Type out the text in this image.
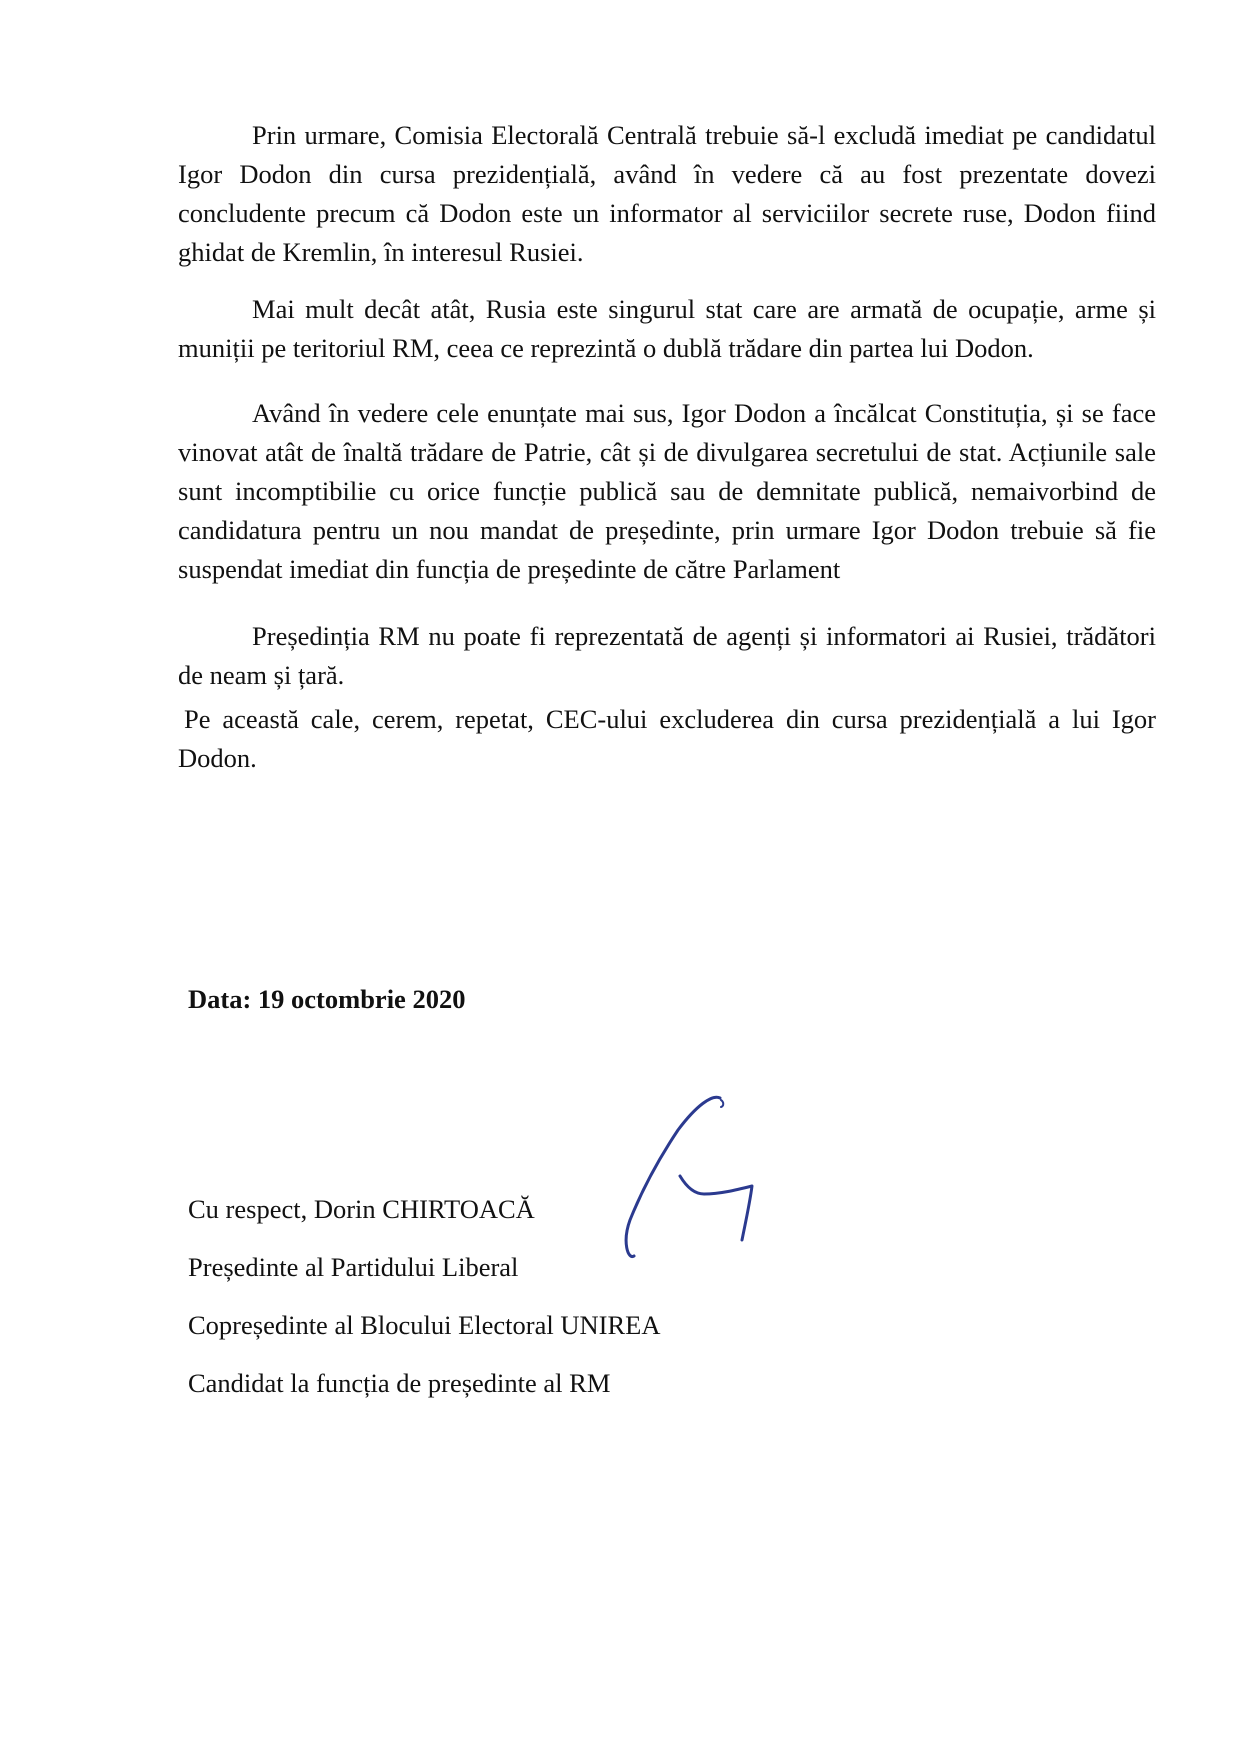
Prin urmare, Comisia Electorală Centrală trebuie să-l excludă imediat pe candidatul Igor Dodon din cursa prezidențială, având în vedere că au fost prezentate dovezi concludente precum că Dodon este un informator al serviciilor secrete ruse, Dodon fiind ghidat de Kremlin, în interesul Rusiei.

Mai mult decât atât, Rusia este singurul stat care are armată de ocupație, arme și muniții pe teritoriul RM, ceea ce reprezintă o dublă trădare din partea lui Dodon.

Având în vedere cele enunțate mai sus, Igor Dodon a încălcat Constituția, și se face vinovat atât de înaltă trădare de Patrie, cât și de divulgarea secretului de stat. Acțiunile sale sunt incomptibilie cu orice funcție publică sau de demnitate publică, nemaivorbind de candidatura pentru un nou mandat de președinte, prin urmare Igor Dodon trebuie să fie suspendat imediat din funcția de președinte de către Parlament

Președinția RM nu poate fi reprezentată de agenți și informatori ai Rusiei, trădători de neam și țară.

Pe această cale, cerem, repetat, CEC-ului excluderea din cursa prezidențială a lui Igor Dodon.

Data: 19 octombrie 2020
Cu respect, Dorin CHIRTOACĂ
Președinte al Partidului Liberal
Copreședinte al Blocului Electoral UNIREA
Candidat la funcția de președinte al RM
